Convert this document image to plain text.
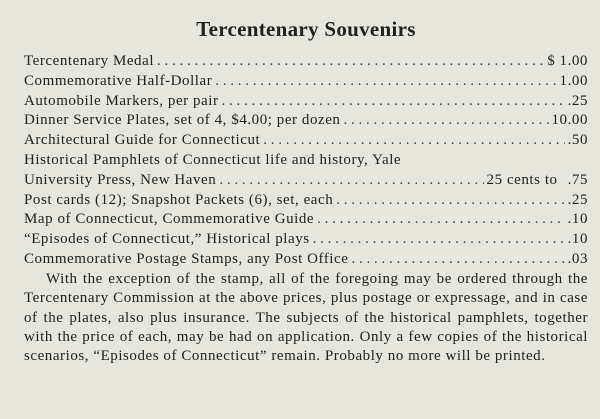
Tercentenary Souvenirs
Tercentenary Medal . . .	$ 1.00
Commemorative Half-Dollar . . .	1.00
Automobile Markers, per pair . . .	.25
Dinner Service Plates, set of 4, $4.00; per dozen . . .	10.00
Architectural Guide for Connecticut . . .	.50
Historical Pamphlets of Connecticut life and history, Yale
University Press, New Haven . . .	25 cents to .75
Post cards (12); Snapshot Packets (6), set, each . . .	.25
Map of Connecticut, Commemorative Guide . . .	.10
“Episodes of Connecticut,” Historical plays . . .	.10
Commemorative Postage Stamps, any Post Office . . .	.03

With the exception of the stamp, all of the foregoing may be ordered through the Tercentenary Commission at the above prices, plus postage or expressage, and in case of the plates, also plus insurance. The subjects of the historical pamphlets, together with the price of each, may be had on application. Only a few copies of the historical scenarios, “Episodes of Connecticut” remain. Probably no more will be printed.
